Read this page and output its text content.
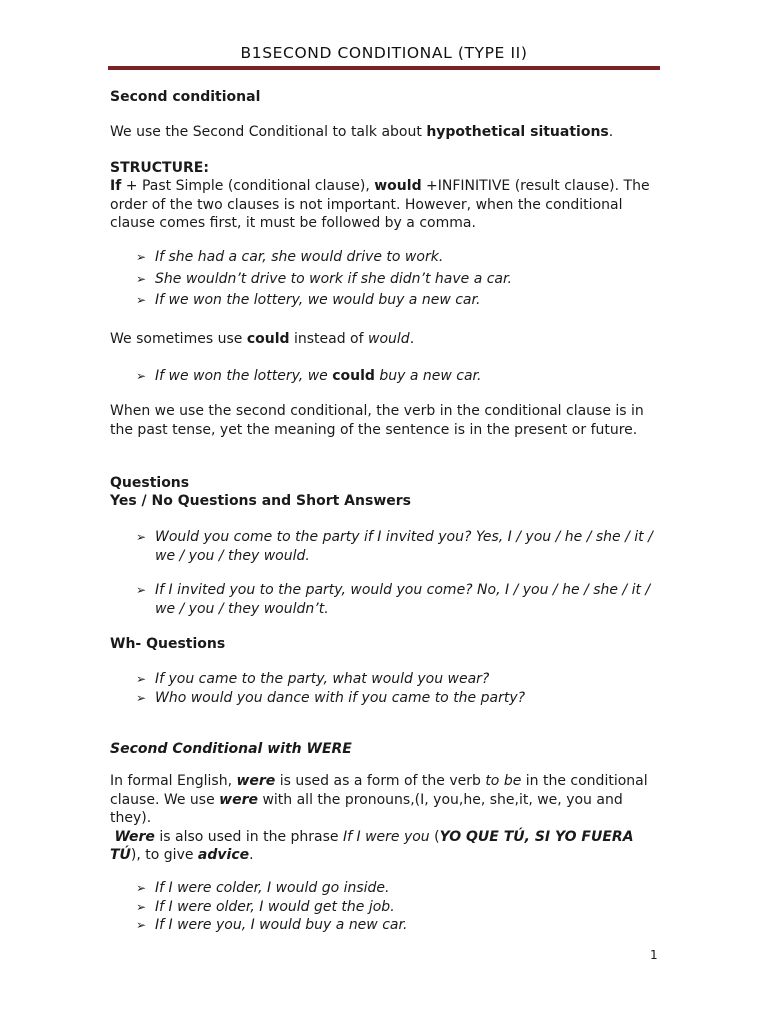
B1SECOND CONDITIONAL (TYPE II)
Second conditional
We use the Second Conditional to talk about hypothetical situations.
STRUCTURE:
If + Past Simple (conditional clause), would +INFINITIVE (result clause). The order of the two clauses is not important. However, when the conditional clause comes first, it must be followed by a comma.
➢ If she had a car, she would drive to work.
➢ She wouldn’t drive to work if she didn’t have a car.
➢ If we won the lottery, we would buy a new car.
We sometimes use could instead of would.
➢ If we won the lottery, we could buy a new car.
When we use the second conditional, the verb in the conditional clause is in the past tense, yet the meaning of the sentence is in the present or future.
Questions
Yes / No Questions and Short Answers
➢ Would you come to the party if I invited you? Yes, I / you / he / she / it / we / you / they would.
➢ If I invited you to the party, would you come? No, I / you / he / she / it / we / you / they wouldn’t.
Wh- Questions
➢ If you came to the party, what would you wear?
➢ Who would you dance with if you came to the party?
Second Conditional with WERE
In formal English, were is used as a form of the verb to be in the conditional clause. We use were with all the pronouns,(I, you,he, she,it, we, you and they).
Were is also used in the phrase If I were you (YO QUE TÚ, SI YO FUERA TÚ), to give advice.
➢ If I were colder, I would go inside.
➢ If I were older, I would get the job.
➢ If I were you, I would buy a new car.
1
